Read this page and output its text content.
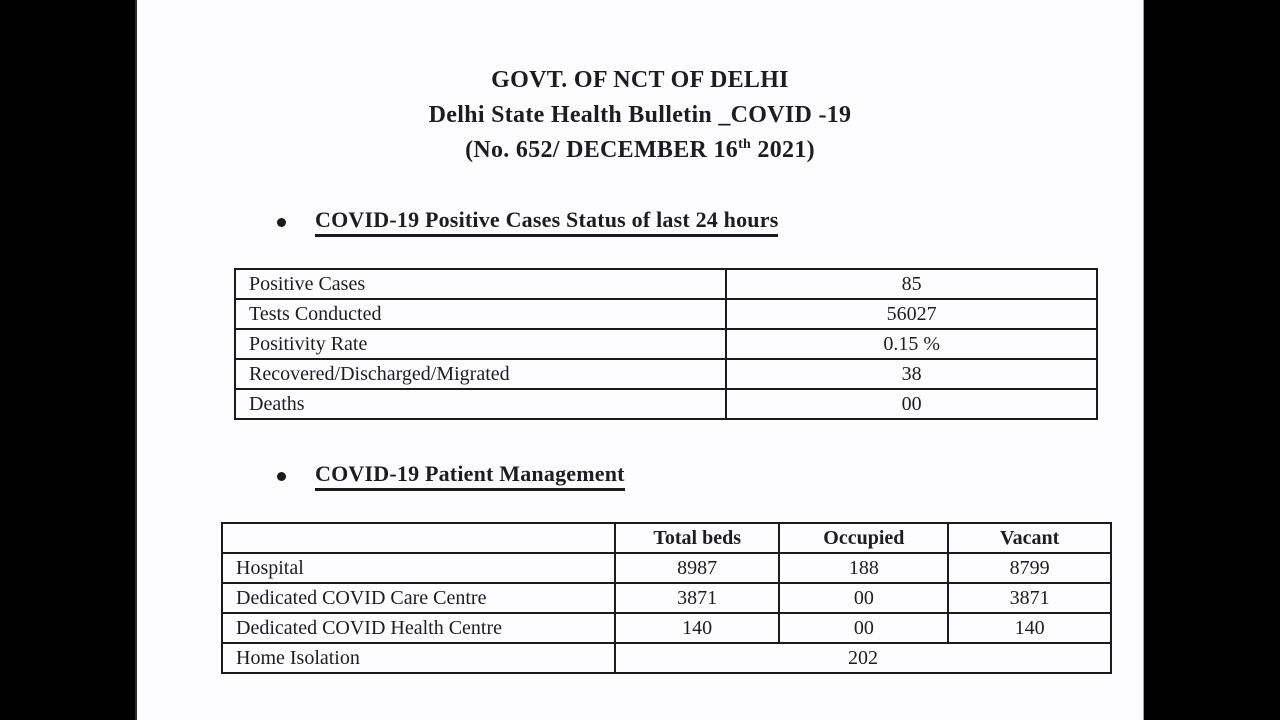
GOVT. OF NCT OF DELHI
Delhi State Health Bulletin _COVID -19
(No. 652/ DECEMBER 16th 2021)
COVID-19 Positive Cases Status of last 24 hours
Positive Cases	85
Tests Conducted	56027
Positivity Rate	0.15 %
Recovered/Discharged/Migrated	38
Deaths	00
COVID-19 Patient Management
	Total beds	Occupied	Vacant
Hospital	8987	188	8799
Dedicated COVID Care Centre	3871	00	3871
Dedicated COVID Health Centre	140	00	140
Home Isolation	202		
